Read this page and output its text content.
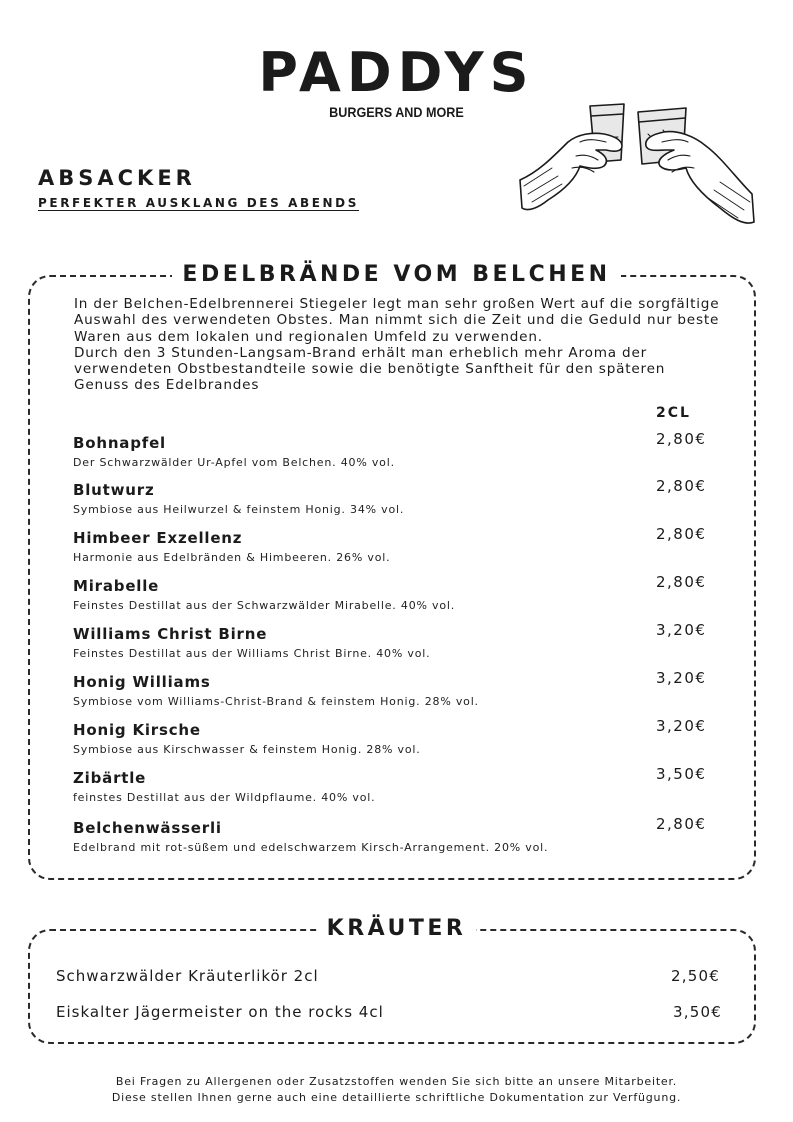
PADDYS
BURGERS AND MORE
ABSACKER
PERFEKTER AUSKLANG DES ABENDS
EDELBRÄNDE VOM BELCHEN
In der Belchen-Edelbrennerei Stiegeler legt man sehr großen Wert auf die sorgfältige Auswahl des verwendeten Obstes. Man nimmt sich die Zeit und die Geduld nur beste Waren aus dem lokalen und regionalen Umfeld zu verwenden.
Durch den 3 Stunden-Langsam-Brand erhält man erheblich mehr Aroma der verwendeten Obstbestandteile sowie die benötigte Sanftheit für den späteren Genuss des Edelbrandes
2CL
Bohnapfel
Der Schwarzwälder Ur-Apfel vom Belchen. 40% vol.
2,80€
Blutwurz
Symbiose aus Heilwurzel & feinstem Honig. 34% vol.
2,80€
Himbeer Exzellenz
Harmonie aus Edelbränden & Himbeeren. 26% vol.
2,80€
Mirabelle
Feinstes Destillat aus der Schwarzwälder Mirabelle. 40% vol.
2,80€
Williams Christ Birne
Feinstes Destillat aus der Williams Christ Birne. 40% vol.
3,20€
Honig Williams
Symbiose vom Williams-Christ-Brand & feinstem Honig. 28% vol.
3,20€
Honig Kirsche
Symbiose aus Kirschwasser & feinstem Honig. 28% vol.
3,20€
Zibärtle
feinstes Destillat aus der Wildpflaume. 40% vol.
3,50€
Belchenwässerli
Edelbrand mit rot-süßem und edelschwarzem Kirsch-Arrangement. 20% vol.
2,80€
KRÄUTER
Schwarzwälder Kräuterlikör 2cl	2,50€
Eiskalter Jägermeister on the rocks 4cl	3,50€
Bei Fragen zu Allergenen oder Zusatzstoffen wenden Sie sich bitte an unsere Mitarbeiter.
Diese stellen Ihnen gerne auch eine detaillierte schriftliche Dokumentation zur Verfügung.
